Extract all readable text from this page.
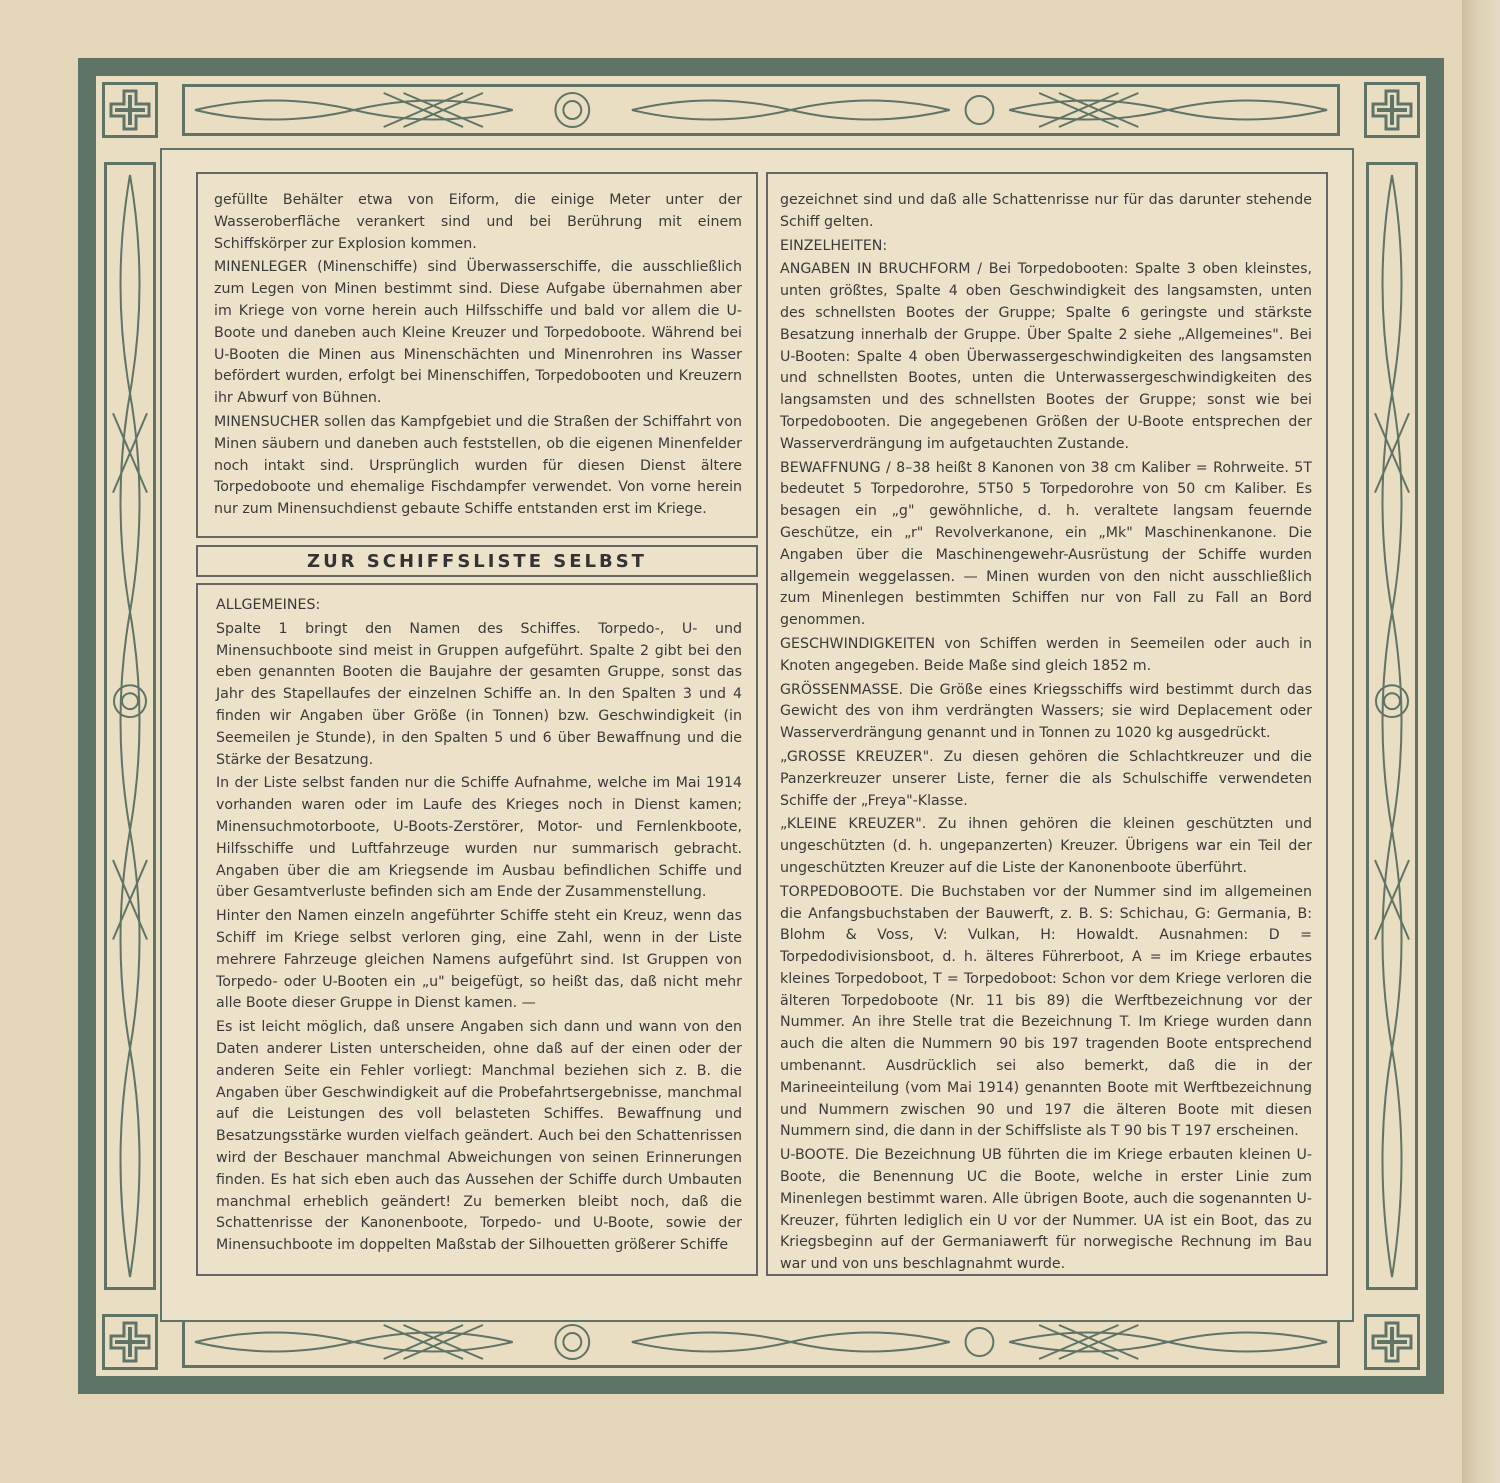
gefüllte Behälter etwa von Eiform, die einige Meter unter der Wasseroberfläche verankert sind und bei Berührung mit einem Schiffskörper zur Explosion kommen.

MINENLEGER (Minenschiffe) sind Überwasserschiffe, die ausschließlich zum Legen von Minen bestimmt sind. Diese Aufgabe übernahmen aber im Kriege von vorne herein auch Hilfsschiffe und bald vor allem die U-Boote und daneben auch Kleine Kreuzer und Torpedoboote. Während bei U-Booten die Minen aus Minenschächten und Minenrohren ins Wasser befördert wurden, erfolgt bei Minenschiffen, Torpedobooten und Kreuzern ihr Abwurf von Bühnen.

MINENSUCHER sollen das Kampfgebiet und die Straßen der Schiffahrt von Minen säubern und daneben auch feststellen, ob die eigenen Minenfelder noch intakt sind. Ursprünglich wurden für diesen Dienst ältere Torpedoboote und ehemalige Fischdampfer verwendet. Von vorne herein nur zum Minensuchdienst gebaute Schiffe entstanden erst im Kriege.

ZUR SCHIFFSLISTE SELBST

ALLGEMEINES:

Spalte 1 bringt den Namen des Schiffes. Torpedo-, U- und Minensuchboote sind meist in Gruppen aufgeführt. Spalte 2 gibt bei den eben genannten Booten die Baujahre der gesamten Gruppe, sonst das Jahr des Stapellaufes der einzelnen Schiffe an. In den Spalten 3 und 4 finden wir Angaben über Größe (in Tonnen) bzw. Geschwindigkeit (in Seemeilen je Stunde), in den Spalten 5 und 6 über Bewaffnung und die Stärke der Besatzung.

In der Liste selbst fanden nur die Schiffe Aufnahme, welche im Mai 1914 vorhanden waren oder im Laufe des Krieges noch in Dienst kamen; Minensuchmotorboote, U-Boots-Zerstörer, Motor- und Fernlenkboote, Hilfsschiffe und Luftfahrzeuge wurden nur summarisch gebracht. Angaben über die am Kriegsende im Ausbau befindlichen Schiffe und über Gesamtverluste befinden sich am Ende der Zusammenstellung.

Hinter den Namen einzeln angeführter Schiffe steht ein Kreuz, wenn das Schiff im Kriege selbst verloren ging, eine Zahl, wenn in der Liste mehrere Fahrzeuge gleichen Namens aufgeführt sind. Ist Gruppen von Torpedo- oder U-Booten ein „u" beigefügt, so heißt das, daß nicht mehr alle Boote dieser Gruppe in Dienst kamen. —

Es ist leicht möglich, daß unsere Angaben sich dann und wann von den Daten anderer Listen unterscheiden, ohne daß auf der einen oder der anderen Seite ein Fehler vorliegt: Manchmal beziehen sich z. B. die Angaben über Geschwindigkeit auf die Probefahrtsergebnisse, manchmal auf die Leistungen des voll belasteten Schiffes. Bewaffnung und Besatzungsstärke wurden vielfach geändert. Auch bei den Schattenrissen wird der Beschauer manchmal Abweichungen von seinen Erinnerungen finden. Es hat sich eben auch das Aussehen der Schiffe durch Umbauten manchmal erheblich geändert! Zu bemerken bleibt noch, daß die Schattenrisse der Kanonenboote, Torpedo- und U-Boote, sowie der Minensuchboote im doppelten Maßstab der Silhouetten größerer Schiffe

gezeichnet sind und daß alle Schattenrisse nur für das darunter stehende Schiff gelten.

EINZELHEITEN:

ANGABEN IN BRUCHFORM / Bei Torpedobooten: Spalte 3 oben kleinstes, unten größtes, Spalte 4 oben Geschwindigkeit des langsamsten, unten des schnellsten Bootes der Gruppe; Spalte 6 geringste und stärkste Besatzung innerhalb der Gruppe. Über Spalte 2 siehe „Allgemeines". Bei U-Booten: Spalte 4 oben Überwassergeschwindigkeiten des langsamsten und schnellsten Bootes, unten die Unterwassergeschwindigkeiten des langsamsten und des schnellsten Bootes der Gruppe; sonst wie bei Torpedobooten. Die angegebenen Größen der U-Boote entsprechen der Wasserverdrängung im aufgetauchten Zustande.

BEWAFFNUNG / 8–38 heißt 8 Kanonen von 38 cm Kaliber = Rohrweite. 5T bedeutet 5 Torpedorohre, 5T50 5 Torpedorohre von 50 cm Kaliber. Es besagen ein „g" gewöhnliche, d. h. veraltete langsam feuernde Geschütze, ein „r" Revolverkanone, ein „Mk" Maschinenkanone. Die Angaben über die Maschinengewehr-Ausrüstung der Schiffe wurden allgemein weggelassen. — Minen wurden von den nicht ausschließlich zum Minenlegen bestimmten Schiffen nur von Fall zu Fall an Bord genommen.

GESCHWINDIGKEITEN von Schiffen werden in Seemeilen oder auch in Knoten angegeben. Beide Maße sind gleich 1852 m.

GRÖSSENMASSE. Die Größe eines Kriegsschiffs wird bestimmt durch das Gewicht des von ihm verdrängten Wassers; sie wird Deplacement oder Wasserverdrängung genannt und in Tonnen zu 1020 kg ausgedrückt.

„GROSSE KREUZER". Zu diesen gehören die Schlachtkreuzer und die Panzerkreuzer unserer Liste, ferner die als Schulschiffe verwendeten Schiffe der „Freya"-Klasse.

„KLEINE KREUZER". Zu ihnen gehören die kleinen geschützten und ungeschützten (d. h. ungepanzerten) Kreuzer. Übrigens war ein Teil der ungeschützten Kreuzer auf die Liste der Kanonenboote überführt.

TORPEDOBOOTE. Die Buchstaben vor der Nummer sind im allgemeinen die Anfangsbuchstaben der Bauwerft, z. B. S: Schichau, G: Germania, B: Blohm & Voss, V: Vulkan, H: Howaldt. Ausnahmen: D = Torpedodivisionsboot, d. h. älteres Führerboot, A = im Kriege erbautes kleines Torpedoboot, T = Torpedoboot: Schon vor dem Kriege verloren die älteren Torpedoboote (Nr. 11 bis 89) die Werftbezeichnung vor der Nummer. An ihre Stelle trat die Bezeichnung T. Im Kriege wurden dann auch die alten die Nummern 90 bis 197 tragenden Boote entsprechend umbenannt. Ausdrücklich sei also bemerkt, daß die in der Marineeinteilung (vom Mai 1914) genannten Boote mit Werftbezeichnung und Nummern zwischen 90 und 197 die älteren Boote mit diesen Nummern sind, die dann in der Schiffsliste als T 90 bis T 197 erscheinen.

U-BOOTE. Die Bezeichnung UB führten die im Kriege erbauten kleinen U-Boote, die Benennung UC die Boote, welche in erster Linie zum Minenlegen bestimmt waren. Alle übrigen Boote, auch die sogenannten U-Kreuzer, führten lediglich ein U vor der Nummer. UA ist ein Boot, das zu Kriegsbeginn auf der Germaniawerft für norwegische Rechnung im Bau war und von uns beschlagnahmt wurde.
